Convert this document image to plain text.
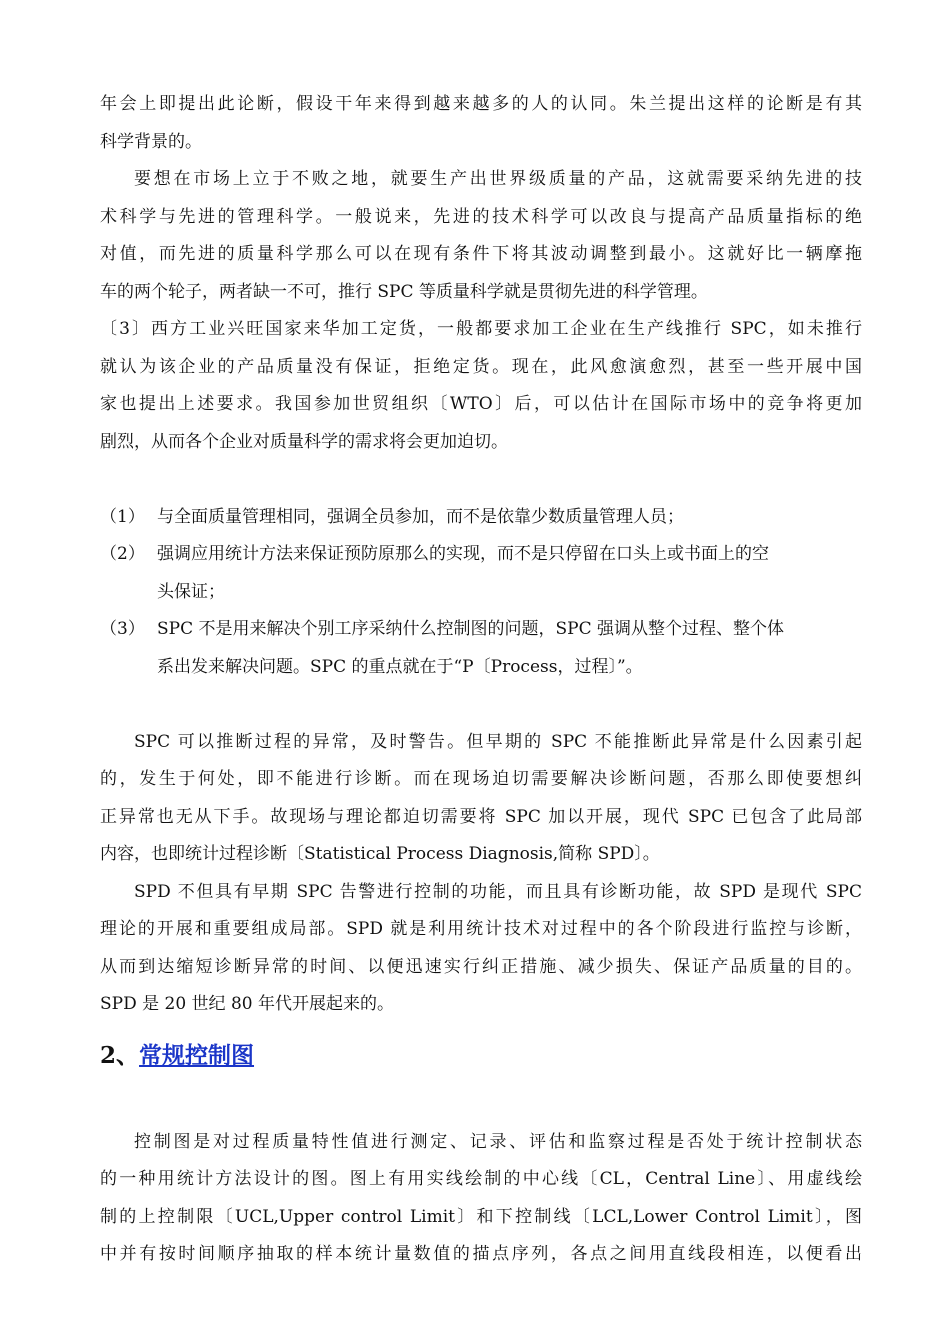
年会上即提出此论断，假设干年来得到越来越多的人的认同。朱兰提出这样的论断是有其
科学背景的。
要想在市场上立于不败之地，就要生产出世界级质量的产品，这就需要采纳先进的技
术科学与先进的管理科学。一般说来，先进的技术科学可以改良与提高产品质量指标的绝
对值，而先进的质量科学那么可以在现有条件下将其波动调整到最小。这就好比一辆摩拖
车的两个轮子，两者缺一不可，推行 SPC 等质量科学就是贯彻先进的科学管理。
〔3〕西方工业兴旺国家来华加工定货，一般都要求加工企业在生产线推行 SPC，如未推行
就认为该企业的产品质量没有保证，拒绝定货。现在，此风愈演愈烈，甚至一些开展中国
家也提出上述要求。我国参加世贸组织〔WTO〕后，可以估计在国际市场中的竞争将更加
剧烈，从而各个企业对质量科学的需求将会更加迫切。
（1） 与全面质量管理相同，强调全员参加，而不是依靠少数质量管理人员；
（2） 强调应用统计方法来保证预防原那么的实现，而不是只停留在口头上或书面上的空
头保证；
（3） SPC 不是用来解决个别工序采纳什么控制图的问题，SPC 强调从整个过程、整个体
系出发来解决问题。SPC 的重点就在于“P〔Process，过程〕”。
SPC 可以推断过程的异常，及时警告。但早期的 SPC 不能推断此异常是什么因素引起
的，发生于何处，即不能进行诊断。而在现场迫切需要解决诊断问题，否那么即使要想纠
正异常也无从下手。故现场与理论都迫切需要将 SPC 加以开展，现代 SPC 已包含了此局部
内容，也即统计过程诊断〔Statistical Process Diagnosis,简称 SPD〕。
SPD 不但具有早期 SPC 告警进行控制的功能，而且具有诊断功能，故 SPD 是现代 SPC
理论的开展和重要组成局部。SPD 就是利用统计技术对过程中的各个阶段进行监控与诊断，
从而到达缩短诊断异常的时间、以便迅速实行纠正措施、减少损失、保证产品质量的目的。
SPD 是 20 世纪 80 年代开展起来的。
2、常规控制图
控制图是对过程质量特性值进行测定、记录、评估和监察过程是否处于统计控制状态
的一种用统计方法设计的图。图上有用实线绘制的中心线〔CL，Central Line〕、用虚线绘
制的上控制限〔UCL,Upper control Limit〕和下控制线〔LCL,Lower Control Limit〕，图
中并有按时间顺序抽取的样本统计量数值的描点序列，各点之间用直线段相连，以便看出
